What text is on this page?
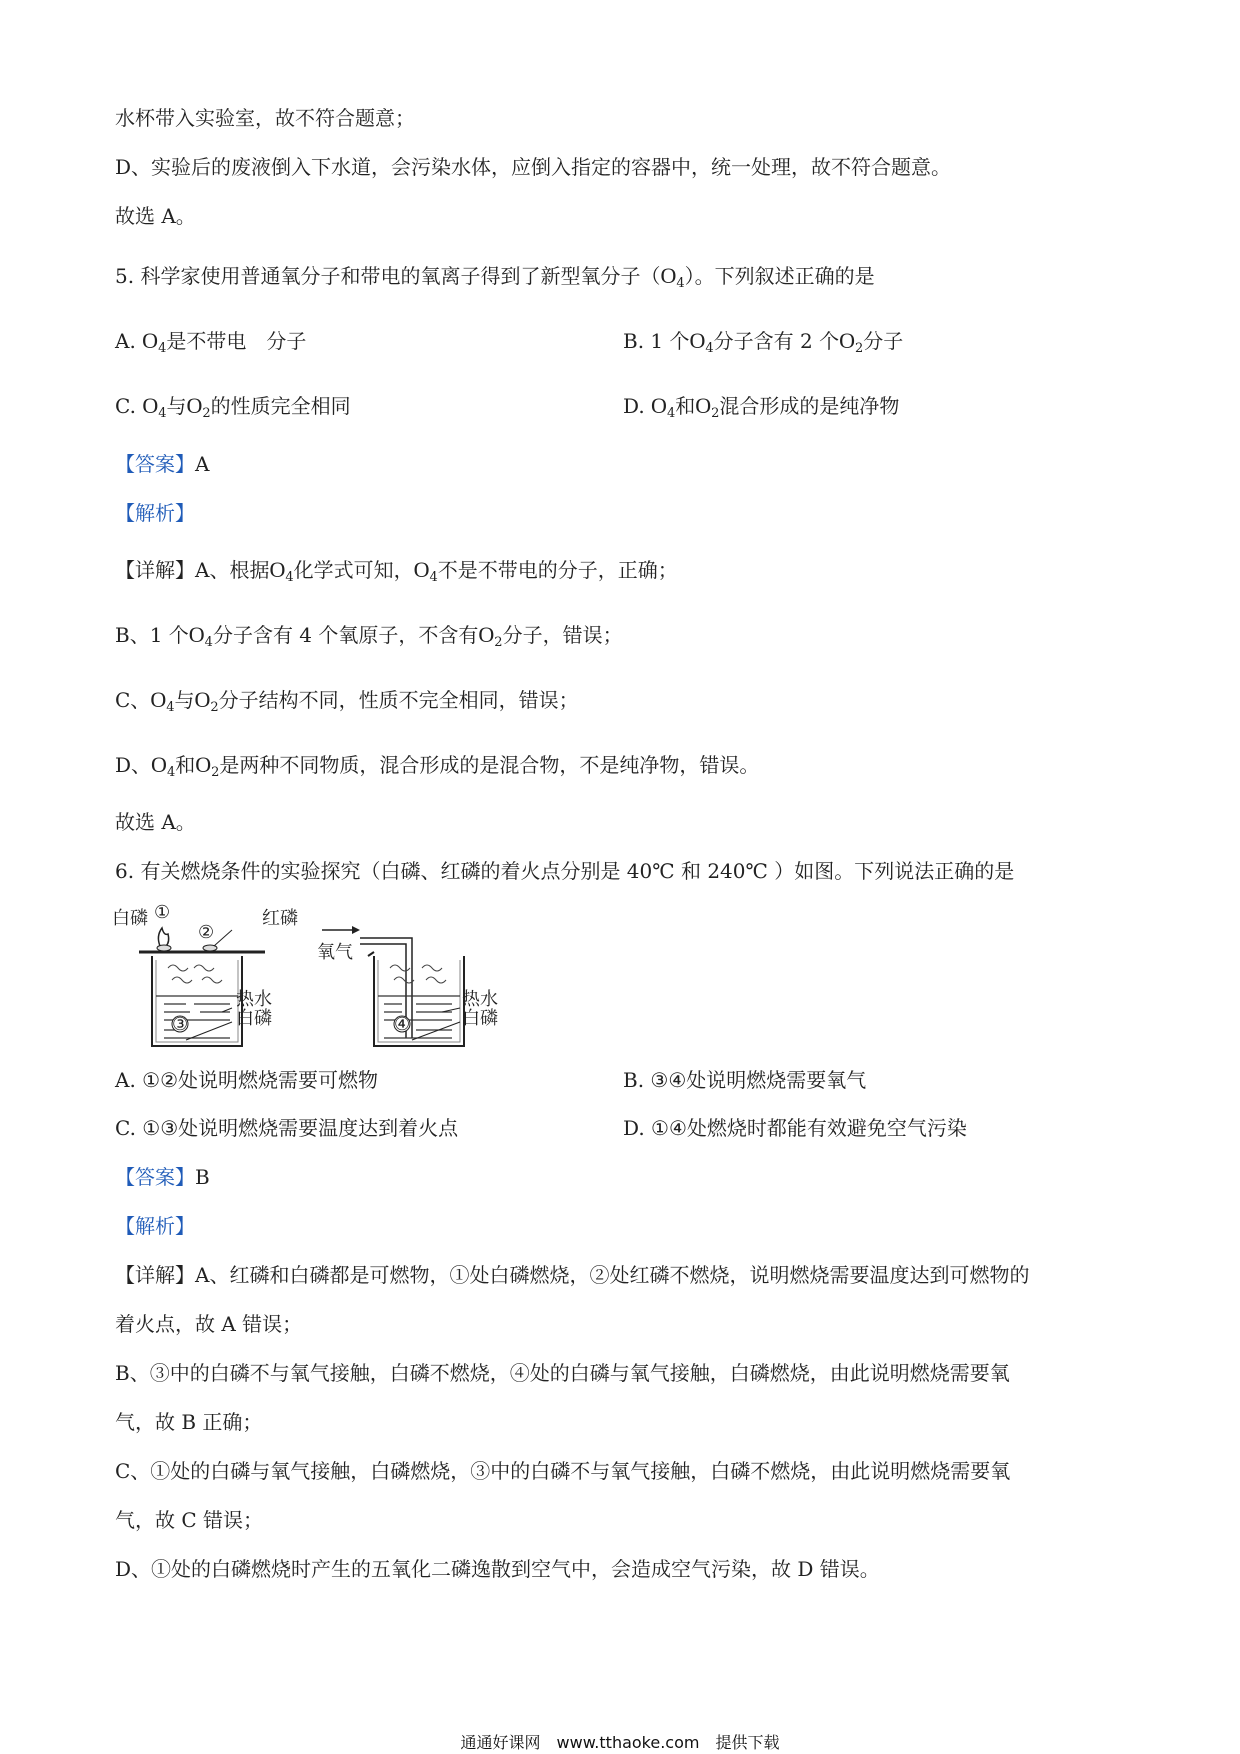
水杯带入实验室，故不符合题意；
D、实验后的废液倒入下水道，会污染水体，应倒入指定的容器中，统一处理，故不符合题意。
故选 A。
5. 科学家使用普通氧分子和带电的氧离子得到了新型氧分子$(O_4)$。下列叙述正确的是
A. $O_4$是不带电　分子	B. 1 个$O_4$分子含有 2 个$O_2$分子
C. $O_4$与$O_2$的性质完全相同	D. $O_4$和$O_2$混合形成的是纯净物
【答案】A
【解析】
【详解】A、根据$O_4$化学式可知，$O_4$不是不带电的分子，正确；
B、1 个$O_4$分子含有 4 个氧原子，不含有$O_2$分子，错误；
C、$O_4$与$O_2$分子结构不同，性质不完全相同，错误；
D、$O_4$和$O_2$是两种不同物质，混合形成的是混合物，不是纯净物，错误。
故选 A。
6. 有关燃烧条件的实验探究（白磷、红磷的着火点分别是 40℃ 和 240℃ ）如图。下列说法正确的是
白磷 ①
②
红磷
③
热水
白磷
氧气
④
热水
白磷
A. ①②处说明燃烧需要可燃物	B. ③④处说明燃烧需要氧气
C. ①③处说明燃烧需要温度达到着火点	D. ①④处燃烧时都能有效避免空气污染
【答案】B
【解析】
【详解】A、红磷和白磷都是可燃物，①处白磷燃烧，②处红磷不燃烧，说明燃烧需要温度达到可燃物的
着火点，故 A 错误；
B、③中的白磷不与氧气接触，白磷不燃烧，④处的白磷与氧气接触，白磷燃烧，由此说明燃烧需要氧
气，故 B 正确；
C、①处的白磷与氧气接触，白磷燃烧，③中的白磷不与氧气接触，白磷不燃烧，由此说明燃烧需要氧
气，故 C 错误；
D、①处的白磷燃烧时产生的五氧化二磷逸散到空气中，会造成空气污染，故 D 错误。
通通好课网　www.tthaoke.com　提供下载
